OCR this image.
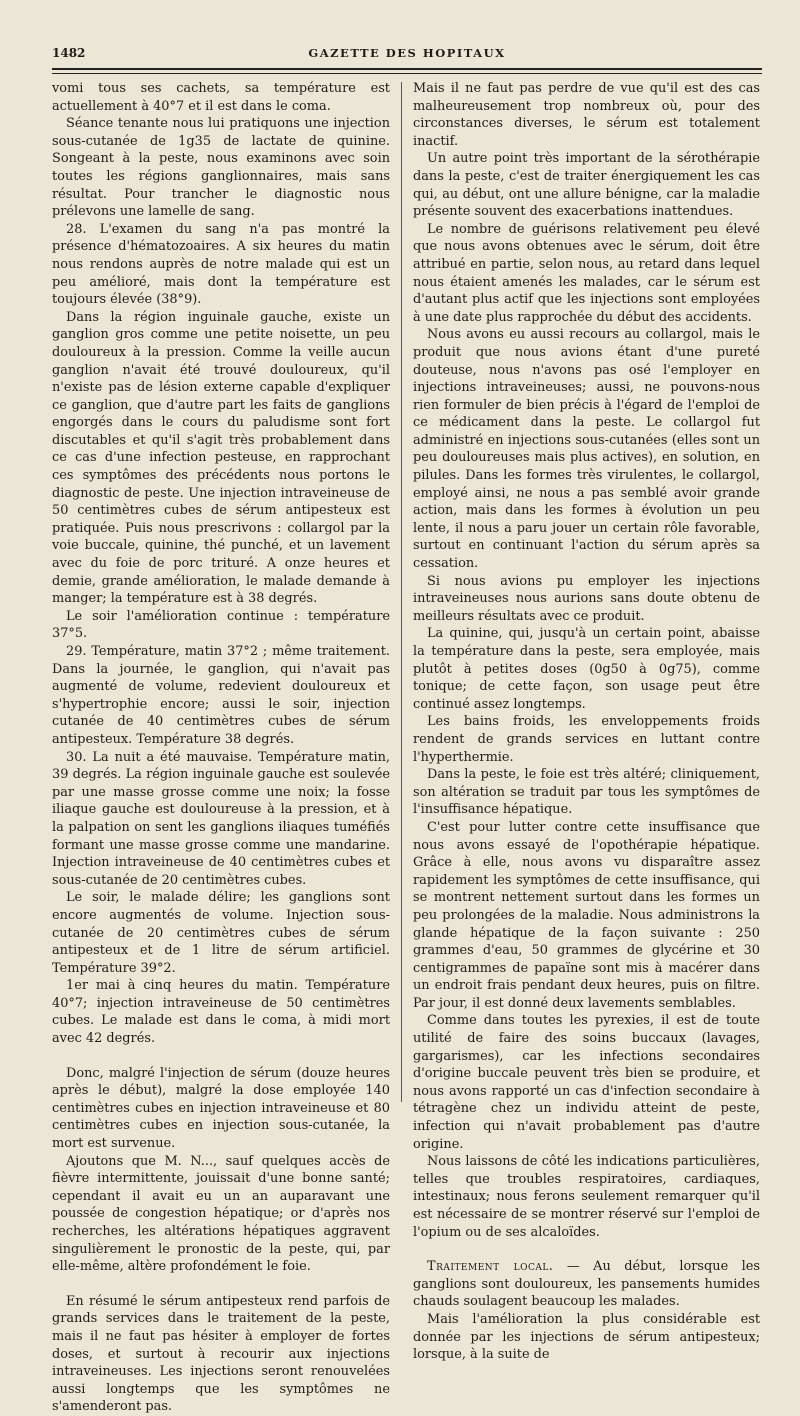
1482	GAZETTE DES HOPITAUX

vomi tous ses cachets, sa température est actuellement à 40°7 et il est dans le coma.

Séance tenante nous lui pratiquons une injection sous-cutanée de 1g35 de lactate de quinine. Songeant à la peste, nous examinons avec soin toutes les régions ganglionnaires, mais sans résultat. Pour trancher le diagnostic nous prélevons une lamelle de sang.

28. L'examen du sang n'a pas montré la présence d'hématozoaires. A six heures du matin nous rendons auprès de notre malade qui est un peu amélioré, mais dont la température est toujours élevée (38°9).

Dans la région inguinale gauche, existe un ganglion gros comme une petite noisette, un peu douloureux à la pression. Comme la veille aucun ganglion n'avait été trouvé douloureux, qu'il n'existe pas de lésion externe capable d'expliquer ce ganglion, que d'autre part les faits de ganglions engorgés dans le cours du paludisme sont fort discutables et qu'il s'agit très probablement dans ce cas d'une infection pesteuse, en rapprochant ces symptômes des précédents nous portons le diagnostic de peste. Une injection intraveineuse de 50 centimètres cubes de sérum antipesteux est pratiquée. Puis nous prescrivons : collargol par la voie buccale, quinine, thé punché, et un lavement avec du foie de porc trituré. A onze heures et demie, grande amélioration, le malade demande à manger; la température est à 38 degrés.

Le soir l'amélioration continue : température 37°5.

29. Température, matin 37°2 ; même traitement. Dans la journée, le ganglion, qui n'avait pas augmenté de volume, redevient douloureux et s'hypertrophie encore; aussi le soir, injection cutanée de 40 centimètres cubes de sérum antipesteux. Température 38 degrés.

30. La nuit a été mauvaise. Température matin, 39 degrés. La région inguinale gauche est soulevée par une masse grosse comme une noix; la fosse iliaque gauche est douloureuse à la pression, et à la palpation on sent les ganglions iliaques tuméfiés formant une masse grosse comme une mandarine. Injection intraveineuse de 40 centimètres cubes et sous-cutanée de 20 centimètres cubes.

Le soir, le malade délire; les ganglions sont encore augmentés de volume. Injection sous-cutanée de 20 centimètres cubes de sérum antipesteux et de 1 litre de sérum artificiel. Température 39°2.

1er mai à cinq heures du matin. Température 40°7; injection intraveineuse de 50 centimètres cubes. Le malade est dans le coma, à midi mort avec 42 degrés.

Donc, malgré l'injection de sérum (douze heures après le début), malgré la dose employée 140 centimètres cubes en injection intraveineuse et 80 centimètres cubes en injection sous-cutanée, la mort est survenue.

Ajoutons que M. N..., sauf quelques accès de fièvre intermittente, jouissait d'une bonne santé; cependant il avait eu un an auparavant une poussée de congestion hépatique; or d'après nos recherches, les altérations hépatiques aggravent singulièrement le pronostic de la peste, qui, par elle-même, altère profondément le foie.

En résumé le sérum antipesteux rend parfois de grands services dans le traitement de la peste, mais il ne faut pas hésiter à employer de fortes doses, et surtout à recourir aux injections intraveineuses. Les injections seront renouvelées aussi longtemps que les symptômes ne s'amenderont pas.

Mais il ne faut pas perdre de vue qu'il est des cas malheureusement trop nombreux où, pour des circonstances diverses, le sérum est totalement inactif.

Un autre point très important de la sérothérapie dans la peste, c'est de traiter énergiquement les cas qui, au début, ont une allure bénigne, car la maladie présente souvent des exacerbations inattendues.

Le nombre de guérisons relativement peu élevé que nous avons obtenues avec le sérum, doit être attribué en partie, selon nous, au retard dans lequel nous étaient amenés les malades, car le sérum est d'autant plus actif que les injections sont employées à une date plus rapprochée du début des accidents.

Nous avons eu aussi recours au collargol, mais le produit que nous avions étant d'une pureté douteuse, nous n'avons pas osé l'employer en injections intraveineuses; aussi, ne pouvons-nous rien formuler de bien précis à l'égard de l'emploi de ce médicament dans la peste. Le collargol fut administré en injections sous-cutanées (elles sont un peu douloureuses mais plus actives), en solution, en pilules. Dans les formes très virulentes, le collargol, employé ainsi, ne nous a pas semblé avoir grande action, mais dans les formes à évolution un peu lente, il nous a paru jouer un certain rôle favorable, surtout en continuant l'action du sérum après sa cessation.

Si nous avions pu employer les injections intraveineuses nous aurions sans doute obtenu de meilleurs résultats avec ce produit.

La quinine, qui, jusqu'à un certain point, abaisse la température dans la peste, sera employée, mais plutôt à petites doses (0g50 à 0g75), comme tonique; de cette façon, son usage peut être continué assez longtemps.

Les bains froids, les enveloppements froids rendent de grands services en luttant contre l'hyperthermie.

Dans la peste, le foie est très altéré; cliniquement, son altération se traduit par tous les symptômes de l'insuffisance hépatique.

C'est pour lutter contre cette insuffisance que nous avons essayé de l'opothérapie hépatique. Grâce à elle, nous avons vu disparaître assez rapidement les symptômes de cette insuffisance, qui se montrent nettement surtout dans les formes un peu prolongées de la maladie. Nous administrons la glande hépatique de la façon suivante : 250 grammes d'eau, 50 grammes de glycérine et 30 centigrammes de papaïne sont mis à macérer dans un endroit frais pendant deux heures, puis on filtre. Par jour, il est donné deux lavements semblables.

Comme dans toutes les pyrexies, il est de toute utilité de faire des soins buccaux (lavages, gargarismes), car les infections secondaires d'origine buccale peuvent très bien se produire, et nous avons rapporté un cas d'infection secondaire à tétragène chez un individu atteint de peste, infection qui n'avait probablement pas d'autre origine.

Nous laissons de côté les indications particulières, telles que troubles respiratoires, cardiaques, intestinaux; nous ferons seulement remarquer qu'il est nécessaire de se montrer réservé sur l'emploi de l'opium ou de ses alcaloïdes.

Traitement local. — Au début, lorsque les ganglions sont douloureux, les pansements humides chauds soulagent beaucoup les malades.

Mais l'amélioration la plus considérable est donnée par les injections de sérum antipesteux; lorsque, à la suite de
